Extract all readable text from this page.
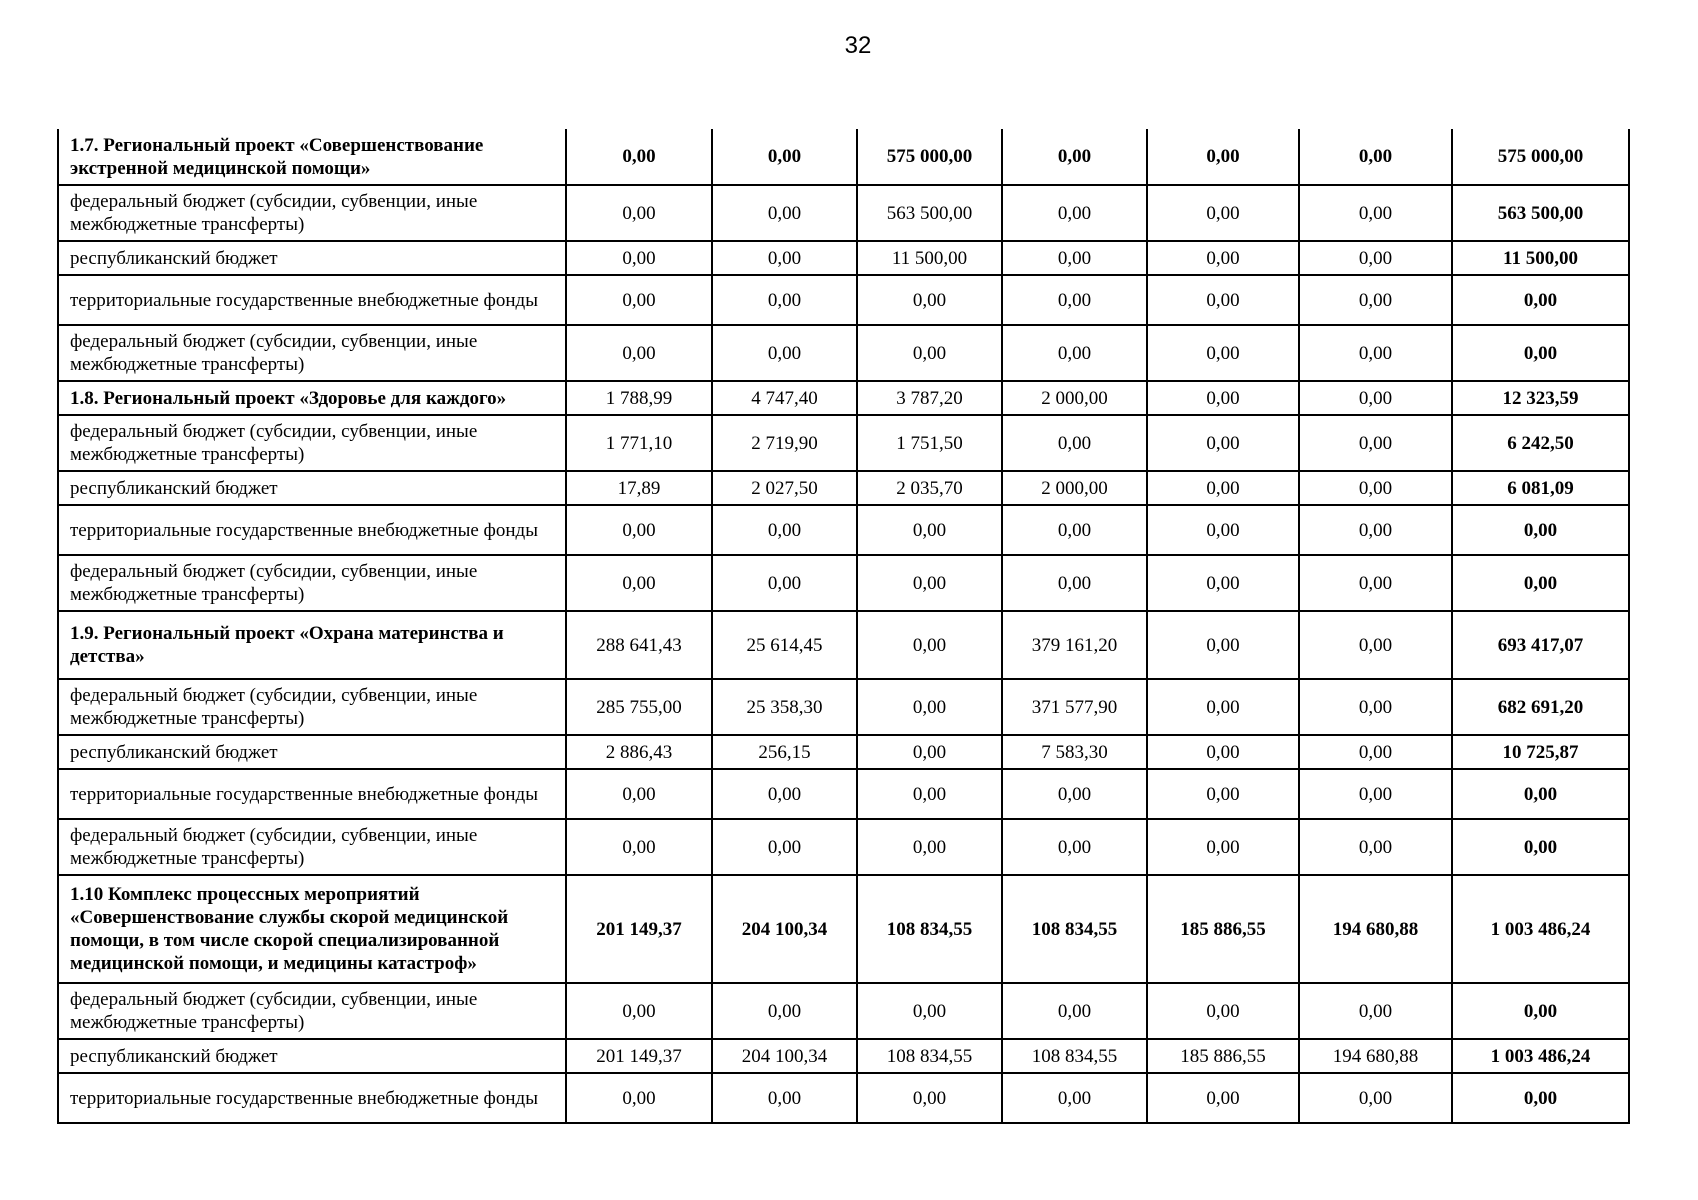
32
1.7. Региональный проект «Совершенствование экстренной медицинской помощи»	0,00	0,00	575 000,00	0,00	0,00	0,00	575 000,00
федеральный бюджет (субсидии, субвенции, иные межбюджетные трансферты)	0,00	0,00	563 500,00	0,00	0,00	0,00	563 500,00
республиканский бюджет	0,00	0,00	11 500,00	0,00	0,00	0,00	11 500,00
территориальные государственные внебюджетные фонды	0,00	0,00	0,00	0,00	0,00	0,00	0,00
федеральный бюджет (субсидии, субвенции, иные межбюджетные трансферты)	0,00	0,00	0,00	0,00	0,00	0,00	0,00
1.8. Региональный проект «Здоровье для каждого»	1 788,99	4 747,40	3 787,20	2 000,00	0,00	0,00	12 323,59
федеральный бюджет (субсидии, субвенции, иные межбюджетные трансферты)	1 771,10	2 719,90	1 751,50	0,00	0,00	0,00	6 242,50
республиканский бюджет	17,89	2 027,50	2 035,70	2 000,00	0,00	0,00	6 081,09
территориальные государственные внебюджетные фонды	0,00	0,00	0,00	0,00	0,00	0,00	0,00
федеральный бюджет (субсидии, субвенции, иные межбюджетные трансферты)	0,00	0,00	0,00	0,00	0,00	0,00	0,00
1.9. Региональный проект «Охрана материнства и детства»	288 641,43	25 614,45	0,00	379 161,20	0,00	0,00	693 417,07
федеральный бюджет (субсидии, субвенции, иные межбюджетные трансферты)	285 755,00	25 358,30	0,00	371 577,90	0,00	0,00	682 691,20
республиканский бюджет	2 886,43	256,15	0,00	7 583,30	0,00	0,00	10 725,87
территориальные государственные внебюджетные фонды	0,00	0,00	0,00	0,00	0,00	0,00	0,00
федеральный бюджет (субсидии, субвенции, иные межбюджетные трансферты)	0,00	0,00	0,00	0,00	0,00	0,00	0,00
1.10 Комплекс процессных мероприятий «Совершенствование службы скорой медицинской помощи, в том числе скорой специализированной медицинской помощи, и медицины катастроф»	201 149,37	204 100,34	108 834,55	108 834,55	185 886,55	194 680,88	1 003 486,24
федеральный бюджет (субсидии, субвенции, иные межбюджетные трансферты)	0,00	0,00	0,00	0,00	0,00	0,00	0,00
республиканский бюджет	201 149,37	204 100,34	108 834,55	108 834,55	185 886,55	194 680,88	1 003 486,24
территориальные государственные внебюджетные фонды	0,00	0,00	0,00	0,00	0,00	0,00	0,00
